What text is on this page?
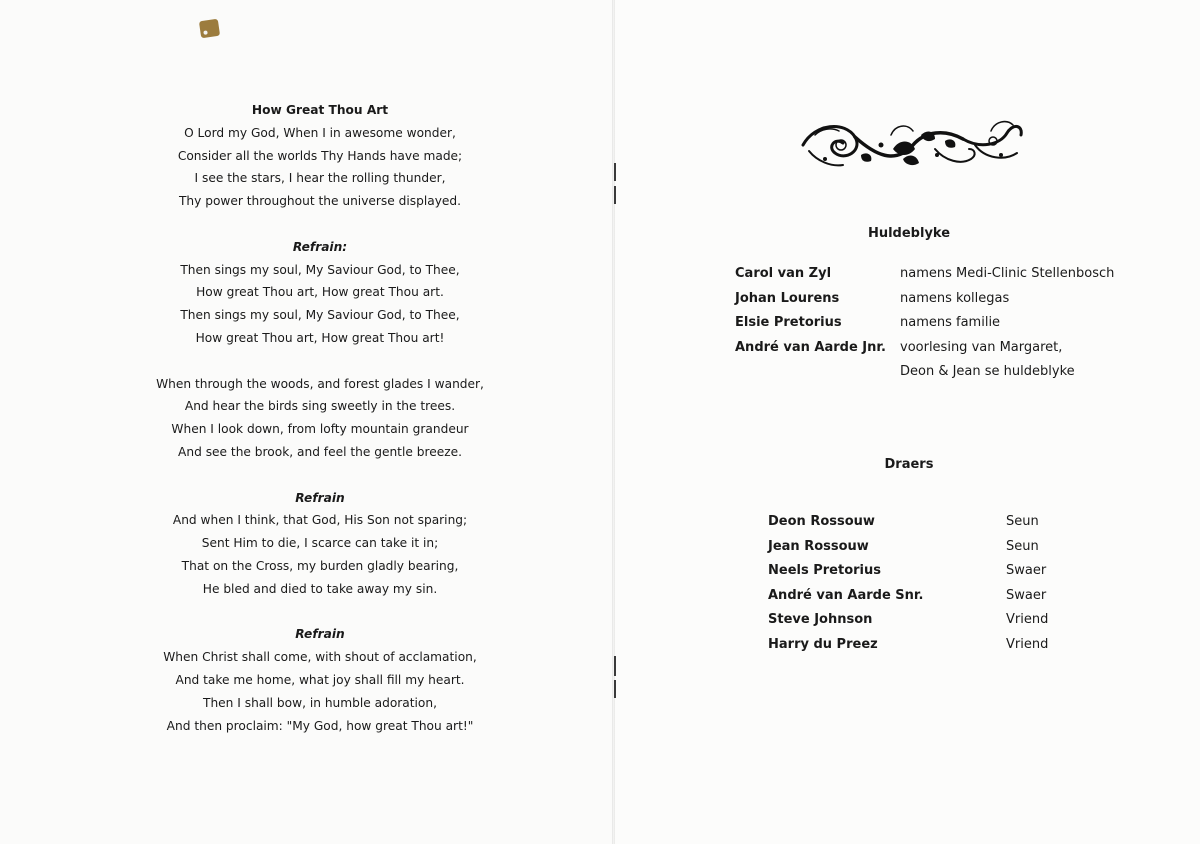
How Great Thou Art
O Lord my God, When I in awesome wonder,
Consider all the worlds Thy Hands have made;
I see the stars, I hear the rolling thunder,
Thy power throughout the universe displayed.
Refrain:
Then sings my soul, My Saviour God, to Thee,
How great Thou art, How great Thou art.
Then sings my soul, My Saviour God, to Thee,
How great Thou art, How great Thou art!
When through the woods, and forest glades I wander,
And hear the birds sing sweetly in the trees.
When I look down, from lofty mountain grandeur
And see the brook, and feel the gentle breeze.
Refrain
And when I think, that God, His Son not sparing;
Sent Him to die, I scarce can take it in;
That on the Cross, my burden gladly bearing,
He bled and died to take away my sin.
Refrain
When Christ shall come, with shout of acclamation,
And take me home, what joy shall fill my heart.
Then I shall bow, in humble adoration,
And then proclaim: "My God, how great Thou art!"
Huldeblyke
Carol van Zyl	namens Medi-Clinic Stellenbosch
Johan Lourens	namens kollegas
Elsie Pretorius	namens familie
André van Aarde Jnr.	voorlesing van Margaret,
Deon & Jean se huldeblyke
Draers
Deon Rossouw	Seun
Jean Rossouw	Seun
Neels Pretorius	Swaer
André van Aarde Snr.	Swaer
Steve Johnson	Vriend
Harry du Preez	Vriend
